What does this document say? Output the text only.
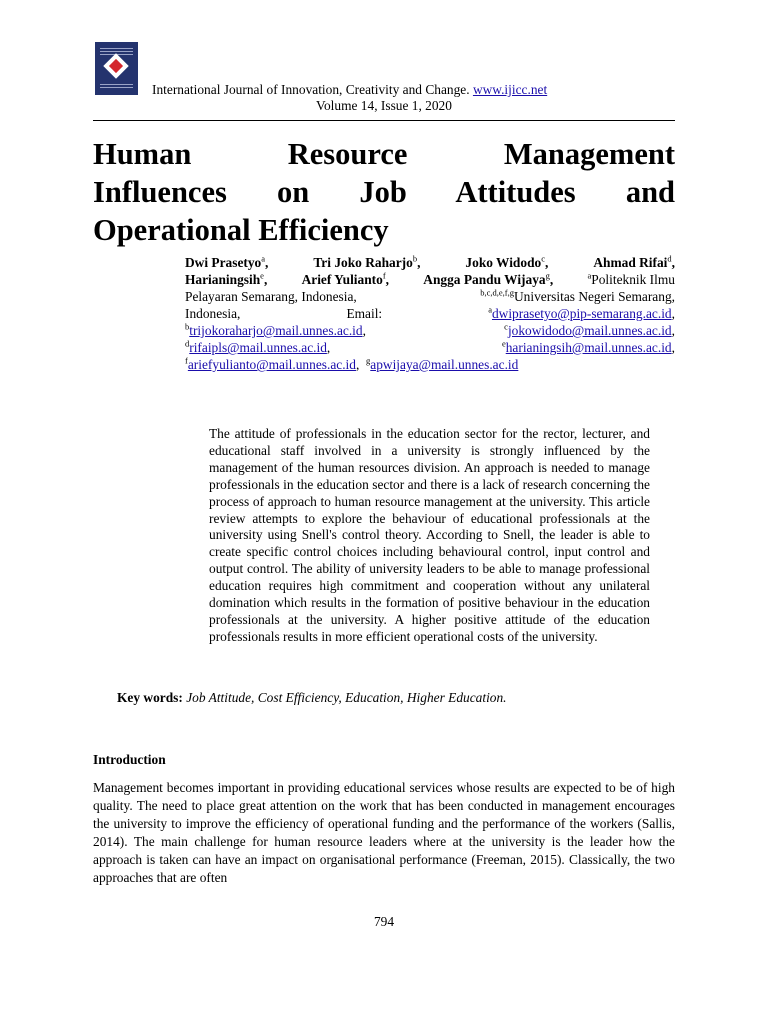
International Journal of Innovation, Creativity and Change. www.ijicc.net
Volume 14, Issue 1, 2020
Human Resource Management
Influences on Job Attitudes and
Operational Efficiency
Dwi Prasetyo$^a$,	Tri Joko Raharjo$^b$,	Joko Widodo$^c$,	Ahmad Rifai$^d$,
Harianingsih$^e$,	Arief Yulianto$^f$,	Angga Pandu Wijaya$^g$,	$^a$Politeknik Ilmu
Pelayaran Semarang, Indonesia,	$^{b,c,d,e,f,g}$Universitas Negeri Semarang,
Indonesia,	Email:	$^a$dwiprasetyo@pip-semarang.ac.id,
$^b$trijokoraharjo@mail.unnes.ac.id,	$^c$jokowidodo@mail.unnes.ac.id,
$^d$rifaipls@mail.unnes.ac.id,	$^e$harianingsih@mail.unnes.ac.id,
$^f$ariefyulianto@mail.unnes.ac.id, $^g$apwijaya@mail.unnes.ac.id
The attitude of professionals in the education sector for the rector, lecturer, and educational staff involved in a university is strongly influenced by the management of the human resources division. An approach is needed to manage professionals in the education sector and there is a lack of research concerning the process of approach to human resource management at the university. This article review attempts to explore the behaviour of educational professionals at the university using Snell's control theory. According to Snell, the leader is able to create specific control choices including behavioural control, input control and output control. The ability of university leaders to be able to manage professional education requires high commitment and cooperation without any unilateral domination which results in the formation of positive behaviour in the education professionals at the university. A higher positive attitude of the education professionals results in more efficient operational costs of the university.
Key words: Job Attitude, Cost Efficiency, Education, Higher Education.
Introduction
Management becomes important in providing educational services whose results are expected to be of high quality. The need to place great attention on the work that has been conducted in management encourages the university to improve the efficiency of operational funding and the performance of the workers (Sallis, 2014). The main challenge for human resource leaders where at the university is the leader how the approach is taken can have an impact on organisational performance (Freeman, 2015). Classically, the two approaches that are often
794
